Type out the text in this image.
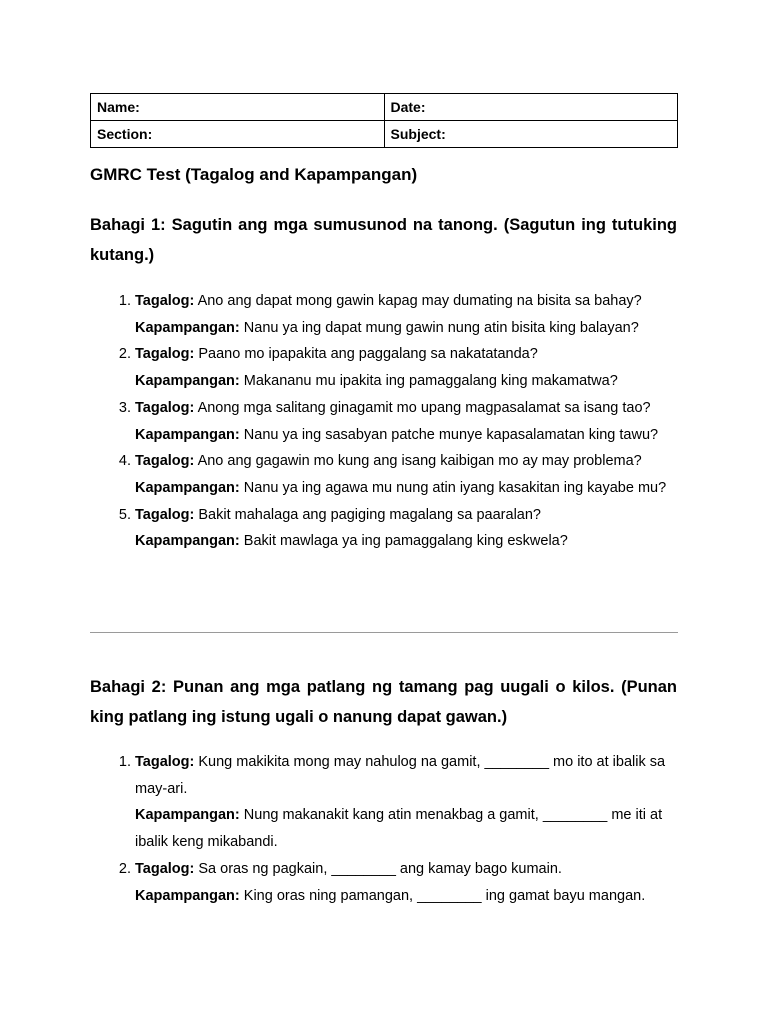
Name:	Date:
Section:	Subject:
GMRC Test (Tagalog and Kapampangan)
Bahagi 1: Sagutin ang mga sumusunod na tanong. (Sagutun ing tutuking kutang.)

1. Tagalog: Ano ang dapat mong gawin kapag may dumating na bisita sa bahay?

Kapampangan: Nanu ya ing dapat mung gawin nung atin bisita king balayan?

2. Tagalog: Paano mo ipapakita ang paggalang sa nakatatanda?

Kapampangan: Makananu mu ipakita ing pamaggalang king makamatwa?

3. Tagalog: Anong mga salitang ginagamit mo upang magpasalamat sa isang tao?

Kapampangan: Nanu ya ing sasabyan patche munye kapasalamatan king tawu?

4. Tagalog: Ano ang gagawin mo kung ang isang kaibigan mo ay may problema?

Kapampangan: Nanu ya ing agawa mu nung atin iyang kasakitan ing kayabe mu?

5. Tagalog: Bakit mahalaga ang pagiging magalang sa paaralan?

Kapampangan: Bakit mawlaga ya ing pamaggalang king eskwela?

Bahagi 2: Punan ang mga patlang ng tamang pag uugali o kilos. (Punan king patlang ing istung ugali o nanung dapat gawan.)

1. Tagalog: Kung makikita mong may nahulog na gamit, ________ mo ito at ibalik sa may-ari.

Kapampangan: Nung makanakit kang atin menakbag a gamit, ________ me iti at ibalik keng mikabandi.

2. Tagalog: Sa oras ng pagkain, ________ ang kamay bago kumain.

Kapampangan: King oras ning pamangan, ________ ing gamat bayu mangan.
